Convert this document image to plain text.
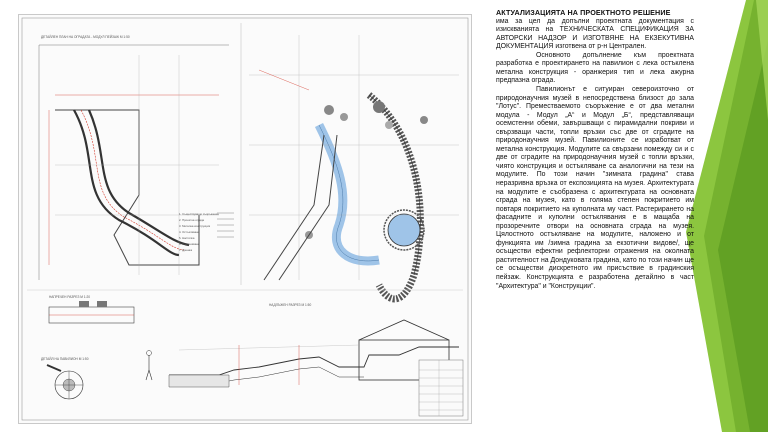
ДЕТАЙЛЕН ПЛАН НА ОГРАДАТА - МОДУЛ ПЕЙЗАЖ М 1:50
НАПРЕЧЕН РАЗРЕЗ М 1:20
ДЕТАЙЛ НА ПАВИЛИОН М 1:50
НАДЛЪЖЕН РАЗРЕЗ М 1:50
1. Съществуващо съоръжение
2. Проектна ограда
3. Метална конструкция
4. Остъкляване
5. Настилка
6. Озеленяване
7. Дренаж
АКТУАЛИЗАЦИЯТА НА ПРОЕКТНОТО РЕШЕНИЕ

има за цел да допълни проектната документация с изискванията на ТЕХНИЧЕСКАТА СПЕЦИФИКАЦИЯ ЗА АВТОРСКИ НАДЗОР И ИЗГОТВЯНЕ НА ЕКЗЕКУТИВНА ДОКУМЕНТАЦИЯ изготвена от р-н Централен.

Основното допълнение към проектната разработка е проектирането на павилион с лека остъклена метална конструкция - оранжерия тип и лека ажурна предпазна ограда.

Павилионът е ситуиран североизточно от природонаучния музей в непосредствена близост до зала "Лотус". Преместваемото съоръжение е от два метални модула - Модул „А“ и Модул „Б“, представляващи осемстенни обеми, завършващи с пирамидални покриви и свързващи части, топли връзки със две от сградите на природонаучния музей. Павилионите се изработват от метална конструкция. Модулите са свързани помежду си и с две от сградите на природонаучния музей с топли връзки, чиято конструкция и остъкляване са аналогични на тези на модулите. По този начин "зимната градина" става неразривна връзка от експозицията на музея. Архитектурата на модулите е съобразена с архитектурата на основната сграда на музея, като в голяма степен покритието им повтаря покритието на куполната му част. Растерирането на фасадните и куполни остъклявания е в мащаба на прозоречните отвори на основната сграда на музея. Цялостното остъкляване на модулите, наложено и от функцията им /зимна градина за екзотични видове/, ще осъществи ефектни рефлекторни отражения на околната растителност на Дондуковата градина, като по този начин ще се осъществи дискретното им присъствие в градинския пейзаж. Конструкцията е разработена детайлно в част "Архитектура" и "Конструкции".
